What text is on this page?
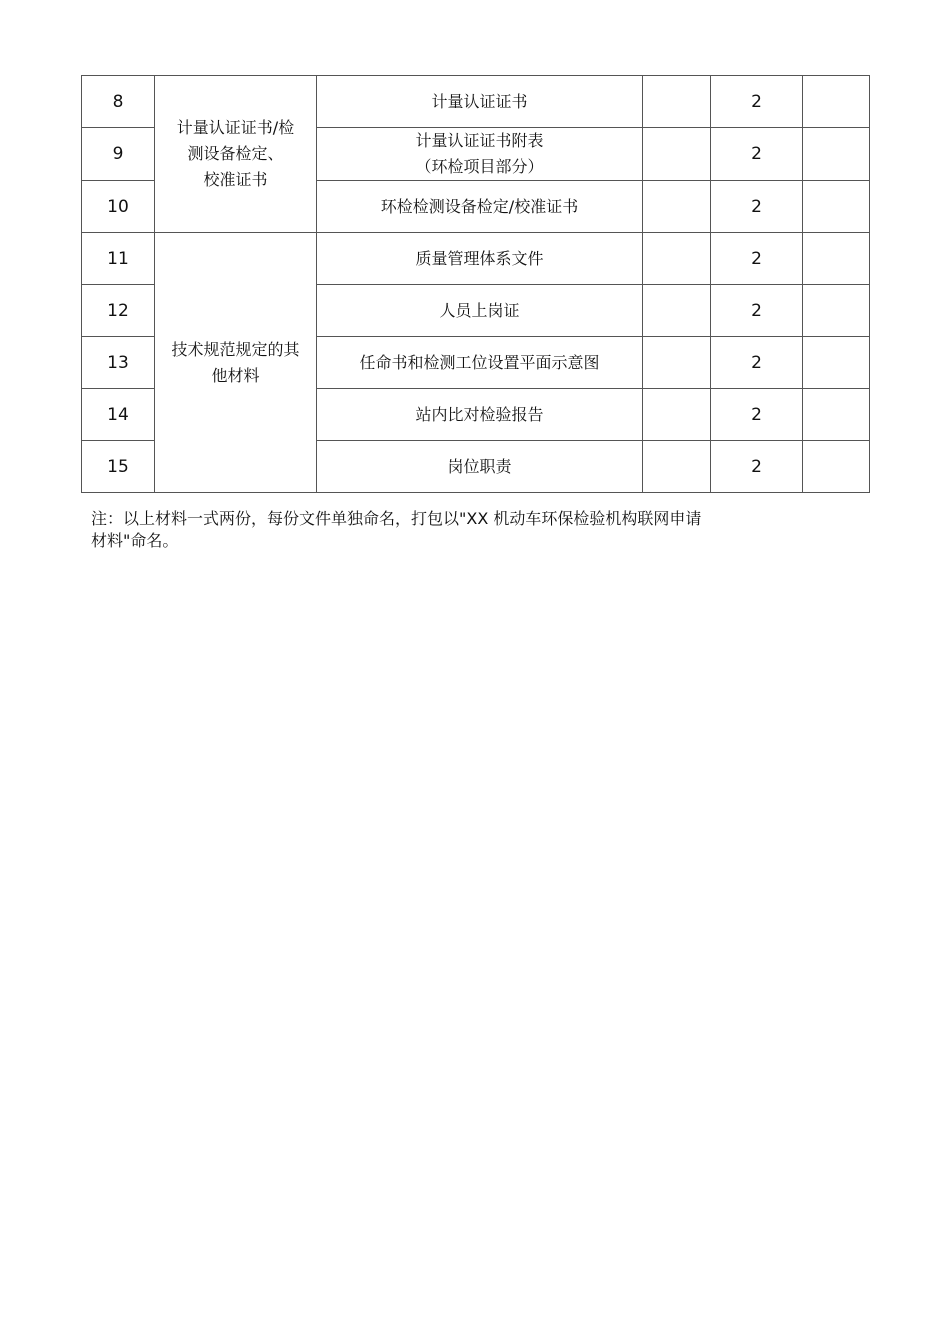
8	计量认证证书/检
测设备检定、
校准证书	计量认证证书		2	
9		计量认证证书附表
（环检项目部分）		2	
10		环检检测设备检定/校准证书		2	
11	技术规范规定的其
他材料	质量管理体系文件		2	
12		人员上岗证		2	
13		任命书和检测工位设置平面示意图		2	
14		站内比对检验报告		2	
15		岗位职责		2	
注：以上材料一式两份，每份文件单独命名，打包以"XX 机动车环保检验机构联网申请
材料"命名。
